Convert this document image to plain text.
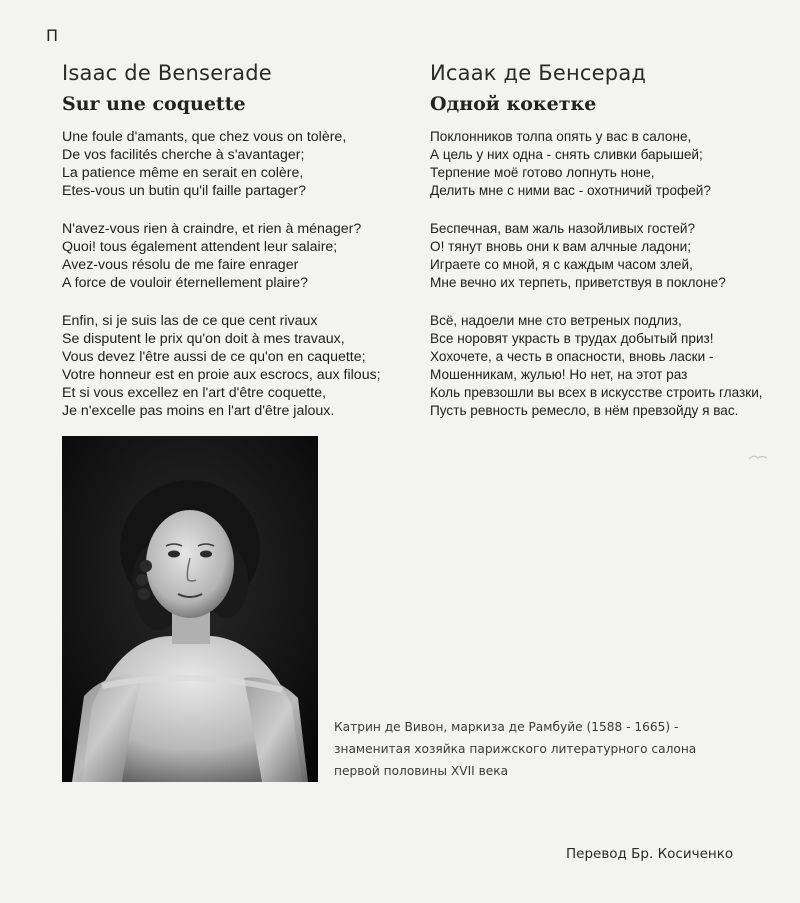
П
Isaac de Benserade
Sur une coquette
Une foule d'amants, que chez vous on tolère,
De vos facilités cherche à s'avantager;
La patience même en serait en colère,
Etes-vous un butin qu'il faille partager?
N'avez-vous rien à craindre, et rien à ménager?
Quoi! tous également attendent leur salaire;
Avez-vous résolu de me faire enrager
A force de vouloir éternellement plaire?
Enfin, si je suis las de ce que cent rivaux
Se disputent le prix qu'on doit à mes travaux,
Vous devez l'être aussi de ce qu'on en caquette;
Votre honneur est en proie aux escrocs, aux filous;
Et si vous excellez en l'art d'être coquette,
Je n'excelle pas moins en l'art d'être jaloux.
Исаак де Бенсерад
Одной кокетке
Поклонников толпа опять у вас в салоне,
А цель у них одна - снять сливки барышей;
Терпение моё готово лопнуть ноне,
Делить мне с ними вас - охотничий трофей?
Беспечная, вам жаль назойливых гостей?
О! тянут вновь они к вам алчные ладони;
Играете со мной, я с каждым часом злей,
Мне вечно их терпеть, приветствуя в поклоне?
Всё, надоели мне сто ветреных подлиз,
Все норовят украсть в трудах добытый приз!
Хохочете, а честь в опасности, вновь ласки -
Мошенникам, жулью! Но нет, на этот раз
Коль превзошли вы всех в искусстве строить глазки,
Пусть ревность ремесло, в нём превзойду я вас.
Катрин де Вивон, маркиза де Рамбуйе (1588 - 1665) -
знаменитая хозяйка парижского литературного салона
первой половины XVII века
Перевод Бр. Косиченко
